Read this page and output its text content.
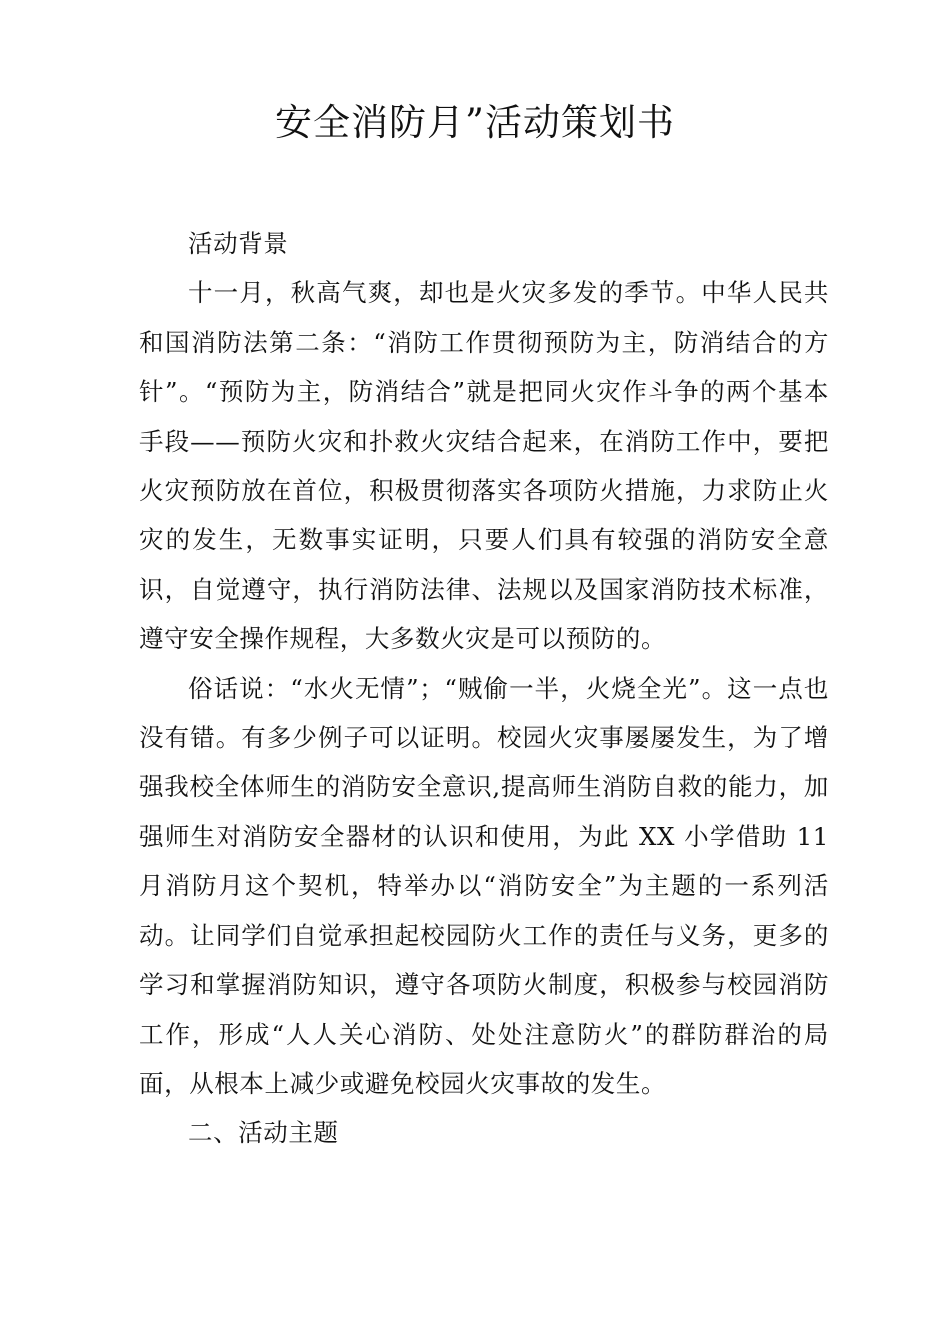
安全消防月”活动策划书

活动背景

十一月，秋高气爽，却也是火灾多发的季节。中华人民共和国消防法第二条：“消防工作贯彻预防为主，防消结合的方针”。“预防为主，防消结合”就是把同火灾作斗争的两个基本手段——预防火灾和扑救火灾结合起来，在消防工作中，要把火灾预防放在首位，积极贯彻落实各项防火措施，力求防止火灾的发生，无数事实证明，只要人们具有较强的消防安全意识，自觉遵守，执行消防法律、法规以及国家消防技术标准，遵守安全操作规程，大多数火灾是可以预防的。

俗话说：“水火无情”；“贼偷一半，火烧全光”。这一点也没有错。有多少例子可以证明。校园火灾事屡屡发生，为了增强我校全体师生的消防安全意识,提高师生消防自救的能力，加强师生对消防安全器材的认识和使用，为此 XX 小学借助 11 月消防月这个契机，特举办以“消防安全”为主题的一系列活动。让同学们自觉承担起校园防火工作的责任与义务，更多的学习和掌握消防知识，遵守各项防火制度，积极参与校园消防工作，形成“人人关心消防、处处注意防火”的群防群治的局面，从根本上减少或避免校园火灾事故的发生。

二、活动主题
